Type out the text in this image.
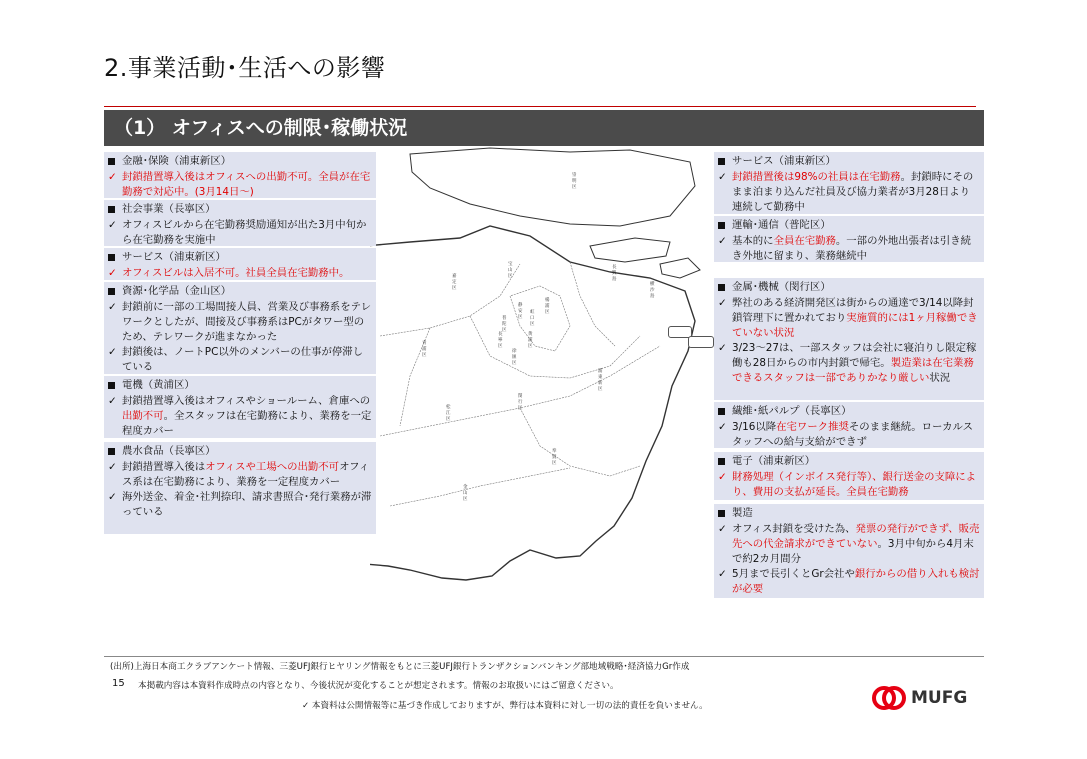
2.事業活動･生活への影響
（1） オフィスへの制限･稼働状況
崇明区
宝山区
嘉定区
浦東新区
静安区
普陀区
長寧区
黄浦区
徐匯区
閔行区
松江区
青浦区
奉賢区
金山区
楊浦区
虹口区
横沙島
長興島
金融･保険（浦東新区）
✓ 封鎖措置導入後はオフィスへの出勤不可。全員が在宅勤務で対応中。(3月14日～)
社会事業（長寧区）
✓ オフィスビルから在宅勤務奨励通知が出た3月中旬から在宅勤務を実施中
サービス（浦東新区）
✓ オフィスビルは入居不可。社員全員在宅勤務中。
資源･化学品（金山区）
✓ 封鎖前に一部の工場間接人員、営業及び事務系をテレワークとしたが、間接及び事務系はPCがタワー型のため、テレワークが進まなかった
✓ 封鎖後は、ノートPC以外のメンバーの仕事が停滞している
電機（黄浦区）
✓ 封鎖措置導入後はオフィスやショールーム、倉庫への出勤不可。全スタッフは在宅勤務により、業務を一定程度カバー
農水食品（長寧区）
✓ 封鎖措置導入後はオフィスや工場への出勤不可オフィス系は在宅勤務により、業務を一定程度カバー
✓ 海外送金、着金･社判捺印、請求書照合･発行業務が滞っている
サービス（浦東新区）
✓ 封鎖措置後は98%の社員は在宅勤務。封鎖時にそのまま泊まり込んだ社員及び協力業者が3月28日より連続して勤務中
運輸･通信（普陀区）
✓ 基本的に全員在宅勤務。一部の外地出張者は引き続き外地に留まり、業務継続中
金属･機械（閔行区）
✓ 弊社のある経済開発区は街からの通達で3/14以降封鎖管理下に置かれており実施質的には1ヶ月稼働できていない状況
✓ 3/23～27は、一部スタッフは会社に寝泊りし限定稼働も28日からの市内封鎖で帰宅。製造業は在宅業務できるスタッフは一部でありかなり厳しい状況
繊維･紙パルプ（長寧区）
✓ 3/16以降在宅ワーク推奨そのまま継続。ローカルスタッフへの給与支給ができず
電子（浦東新区）
✓ 財務処理（インボイス発行等）、銀行送金の支障により、費用の支払が延長。全員在宅勤務
製造
✓ オフィス封鎖を受けた為、発票の発行ができず、販売先への代金請求ができていない。3月中旬から4月末で約2カ月間分
✓ 5月まで長引くとGr会社や銀行からの借り入れも検討が必要
(出所)上海日本商工クラブアンケート情報、三菱UFJ銀行ヒヤリング情報をもとに三菱UFJ銀行トランザクションバンキング部地域戦略･経済協力Gr作成
15 本掲載内容は本資料作成時点の内容となり、今後状況が変化することが想定されます。情報のお取扱いにはご留意ください。
✓ 本資料は公開情報等に基づき作成しておりますが、弊行は本資料に対し一切の法的責任を負いません。	MUFG
